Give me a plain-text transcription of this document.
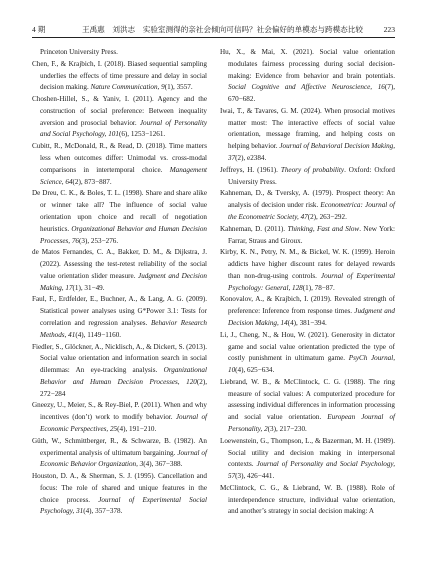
4 期	王禹惠　刘洪志　实验室测得的亲社会倾向可信吗？社会偏好的单模态与跨模态比较	223

Princeton University Press.

Chen, F., & Krajbich, I. (2018). Biased sequential sampling underlies the effects of time pressure and delay in social decision making. Nature Communication, 9(1), 3557.

Choshen-Hillel, S., & Yaniv, I. (2011). Agency and the construction of social preference: Between inequality aversion and prosocial behavior. Journal of Personality and Social Psychology, 101(6), 1253−1261.

Cubitt, R., McDonald, R., & Read, D. (2018). Time matters less when outcomes differ: Unimodal vs. cross-modal comparisons in intertemporal choice. Management Science, 64(2), 873−887.

De Dreu, C. K., & Boles, T. L. (1998). Share and share alike or winner take all? The influence of social value orientation upon choice and recall of negotiation heuristics. Organizational Behavior and Human Decision Processes, 76(3), 253−276.

de Matos Fernandes, C. A., Bakker, D. M., & Dijkstra, J. (2022). Assessing the test-retest reliability of the social value orientation slider measure. Judgment and Decision Making, 17(1), 31−49.

Faul, F., Erdfelder, E., Buchner, A., & Lang, A. G. (2009). Statistical power analyses using G*Power 3.1: Tests for correlation and regression analyses. Behavior Research Methods, 41(4), 1149−1160.

Fiedler, S., Glöckner, A., Nicklisch, A., & Dickert, S. (2013). Social value orientation and information search in social dilemmas: An eye-tracking analysis. Organizational Behavior and Human Decision Processes, 120(2), 272−284

Gneezy, U., Meier, S., & Rey-Biel, P. (2011). When and why incentives (don’t) work to modify behavior. Journal of Economic Perspectives, 25(4), 191−210.

Güth, W., Schmittberger, R., & Schwarze, B. (1982). An experimental analysis of ultimatum bargaining. Journal of Economic Behavior Organization, 3(4), 367−388.

Houston, D. A., & Sherman, S. J. (1995). Cancellation and focus: The role of shared and unique features in the choice process. Journal of Experimental Social Psychology, 31(4), 357−378.

Hu, X., & Mai, X. (2021). Social value orientation modulates fairness processing during social decision-making: Evidence from behavior and brain potentials. Social Cognitive and Affective Neuroscience, 16(7), 670−682.

Iwai, T., & Tavares, G. M. (2024). When prosocial motives matter most: The interactive effects of social value orientation, message framing, and helping costs on helping behavior. Journal of Behavioral Decision Making, 37(2), e2384.

Jeffreys, H. (1961). Theory of probability. Oxford: Oxford University Press.

Kahneman, D., & Tversky, A. (1979). Prospect theory: An analysis of decision under risk. Econometrica: Journal of the Econometric Society, 47(2), 263−292.

Kahneman, D. (2011). Thinking, Fast and Slow. New York: Farrar, Straus and Giroux.

Kirby, K. N., Petry, N. M., & Bickel, W. K. (1999). Heroin addicts have higher discount rates for delayed rewards than non-drug-using controls. Journal of Experimental Psychology: General, 128(1), 78−87.

Konovalov, A., & Krajbich, I. (2019). Revealed strength of preference: Inference from response times. Judgment and Decision Making, 14(4), 381−394.

Li, J., Cheng, N., & Hou, W. (2021). Generosity in dictator game and social value orientation predicted the type of costly punishment in ultimatum game. PsyCh Journal, 10(4), 625−634.

Liebrand, W. B., & McClintock, C. G. (1988). The ring measure of social values: A computerized procedure for assessing individual differences in information processing and social value orientation. European Journal of Personality, 2(3), 217−230.

Loewenstein, G., Thompson, L., & Bazerman, M. H. (1989). Social utility and decision making in interpersonal contexts. Journal of Personality and Social Psychology, 57(3), 426−441.

McClintock, C. G., & Liebrand, W. B. (1988). Role of interdependence structure, individual value orientation, and another’s strategy in social decision making: A
